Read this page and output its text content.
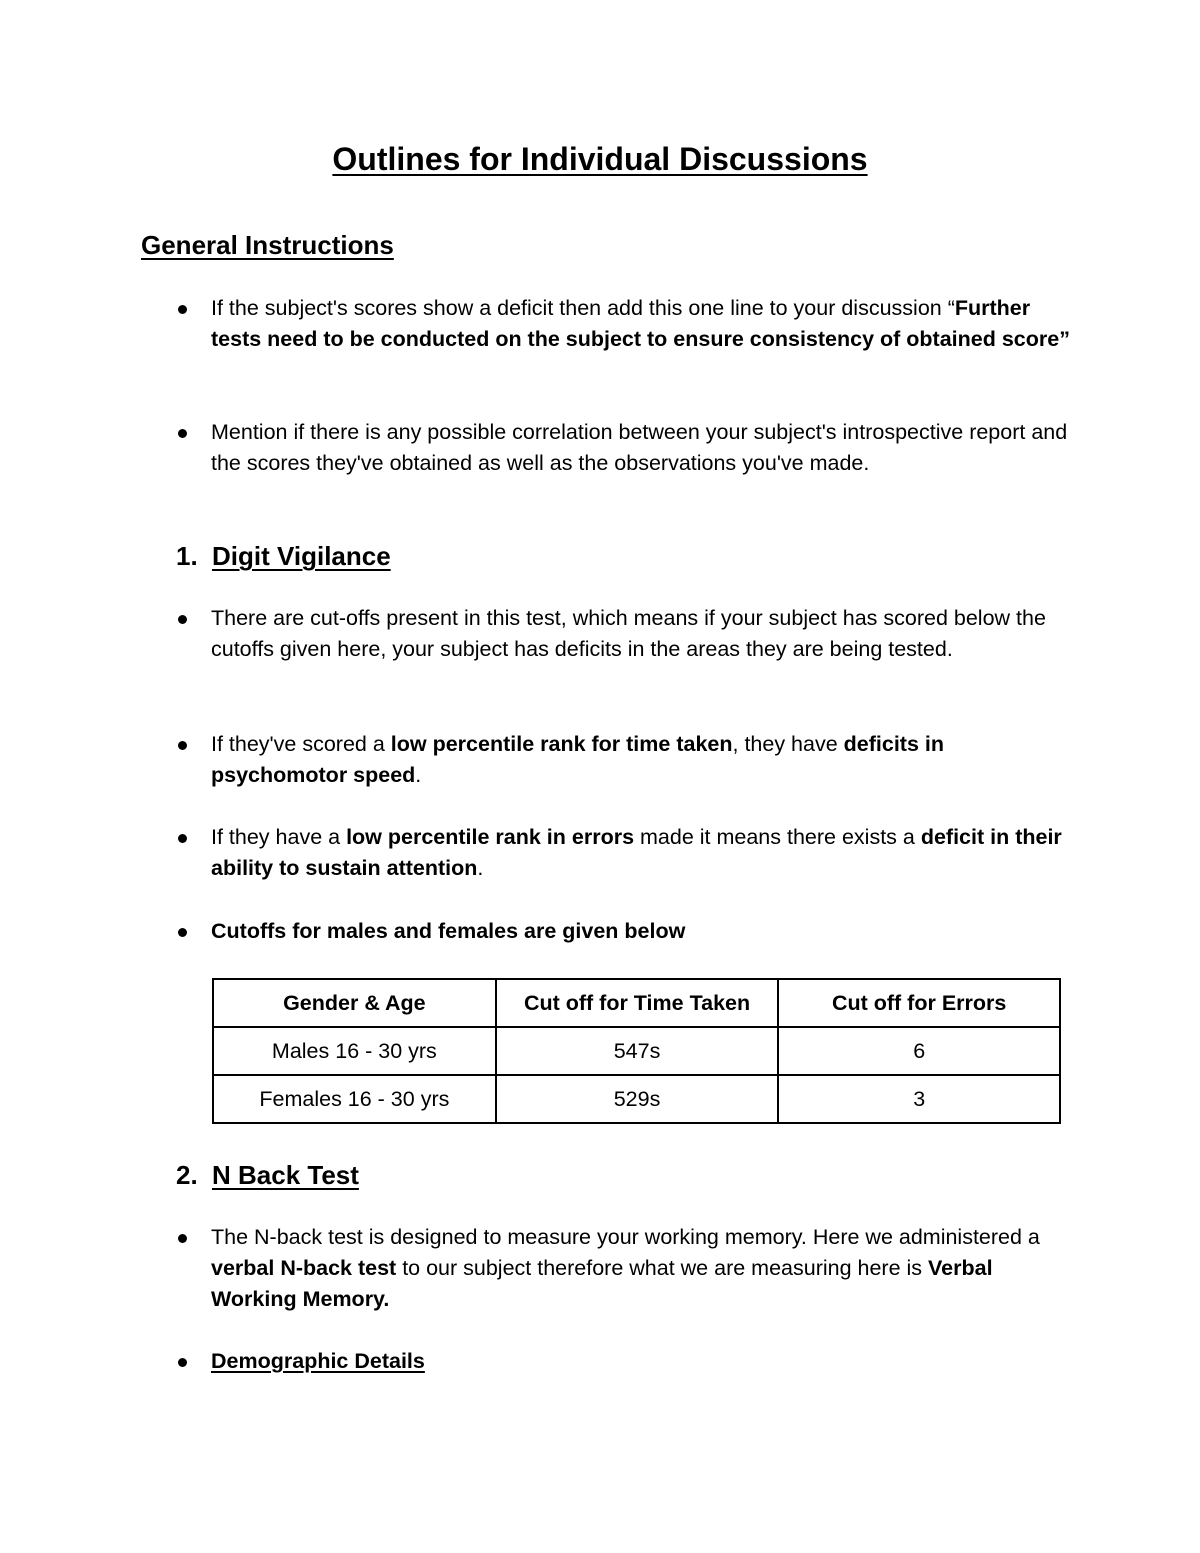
Outlines for Individual Discussions
General Instructions
If the subject's scores show a deficit then add this one line to your discussion “Further tests need to be conducted on the subject to ensure consistency of obtained score”
Mention if there is any possible correlation between your subject's introspective report and the scores they've obtained as well as the observations you've made.
1. Digit Vigilance
There are cut-offs present in this test, which means if your subject has scored below the cutoffs given here, your subject has deficits in the areas they are being tested.
If they've scored a low percentile rank for time taken, they have deficits in psychomotor speed.
If they have a low percentile rank in errors made it means there exists a deficit in their ability to sustain attention.
Cutoffs for males and females are given below
Gender & Age	Cut off for Time Taken	Cut off for Errors
Males 16 - 30 yrs	547s	6
Females 16 - 30 yrs	529s	3
2. N Back Test
The N-back test is designed to measure your working memory. Here we administered a verbal N-back test to our subject therefore what we are measuring here is Verbal Working Memory.
Demographic Details
